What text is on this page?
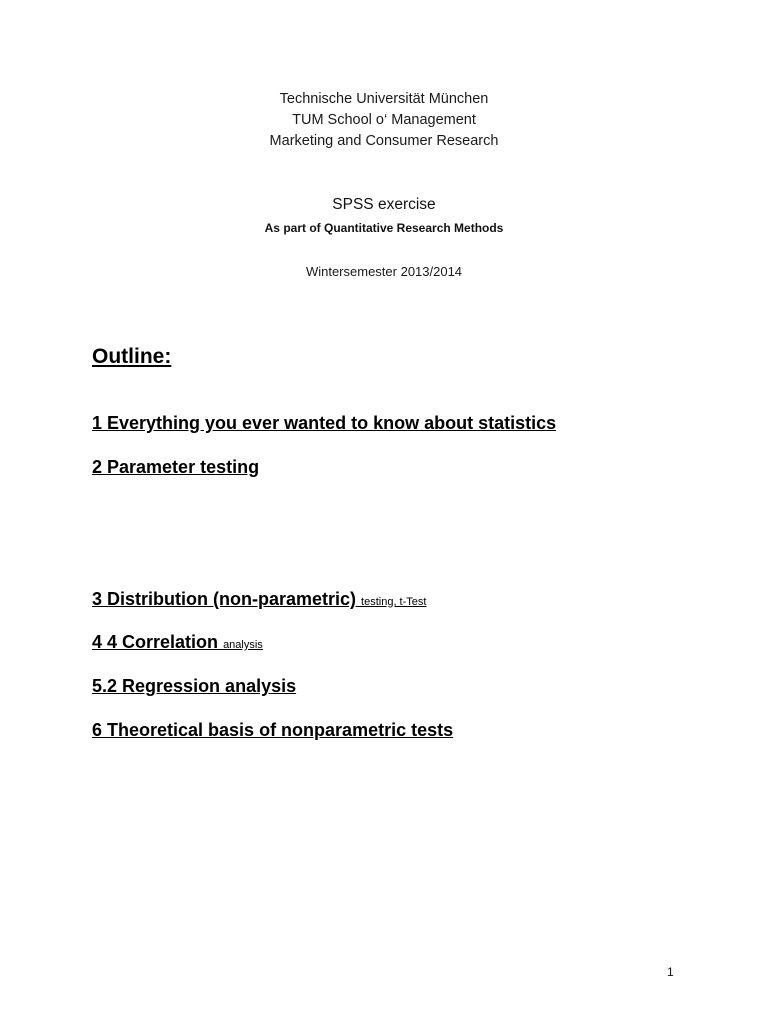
Technische Universität München
TUM School o‘ Management
Marketing and Consumer Research
SPSS exercise
As part of Quantitative Research Methods
Wintersemester 2013/2014
Outline:
1 Everything you ever wanted to know about statistics
2 Parameter testing
3 Distribution (non-parametric) testing, t-Test
4 4 Correlation analysis
5.2 Regression analysis
6 Theoretical basis of nonparametric tests
1
